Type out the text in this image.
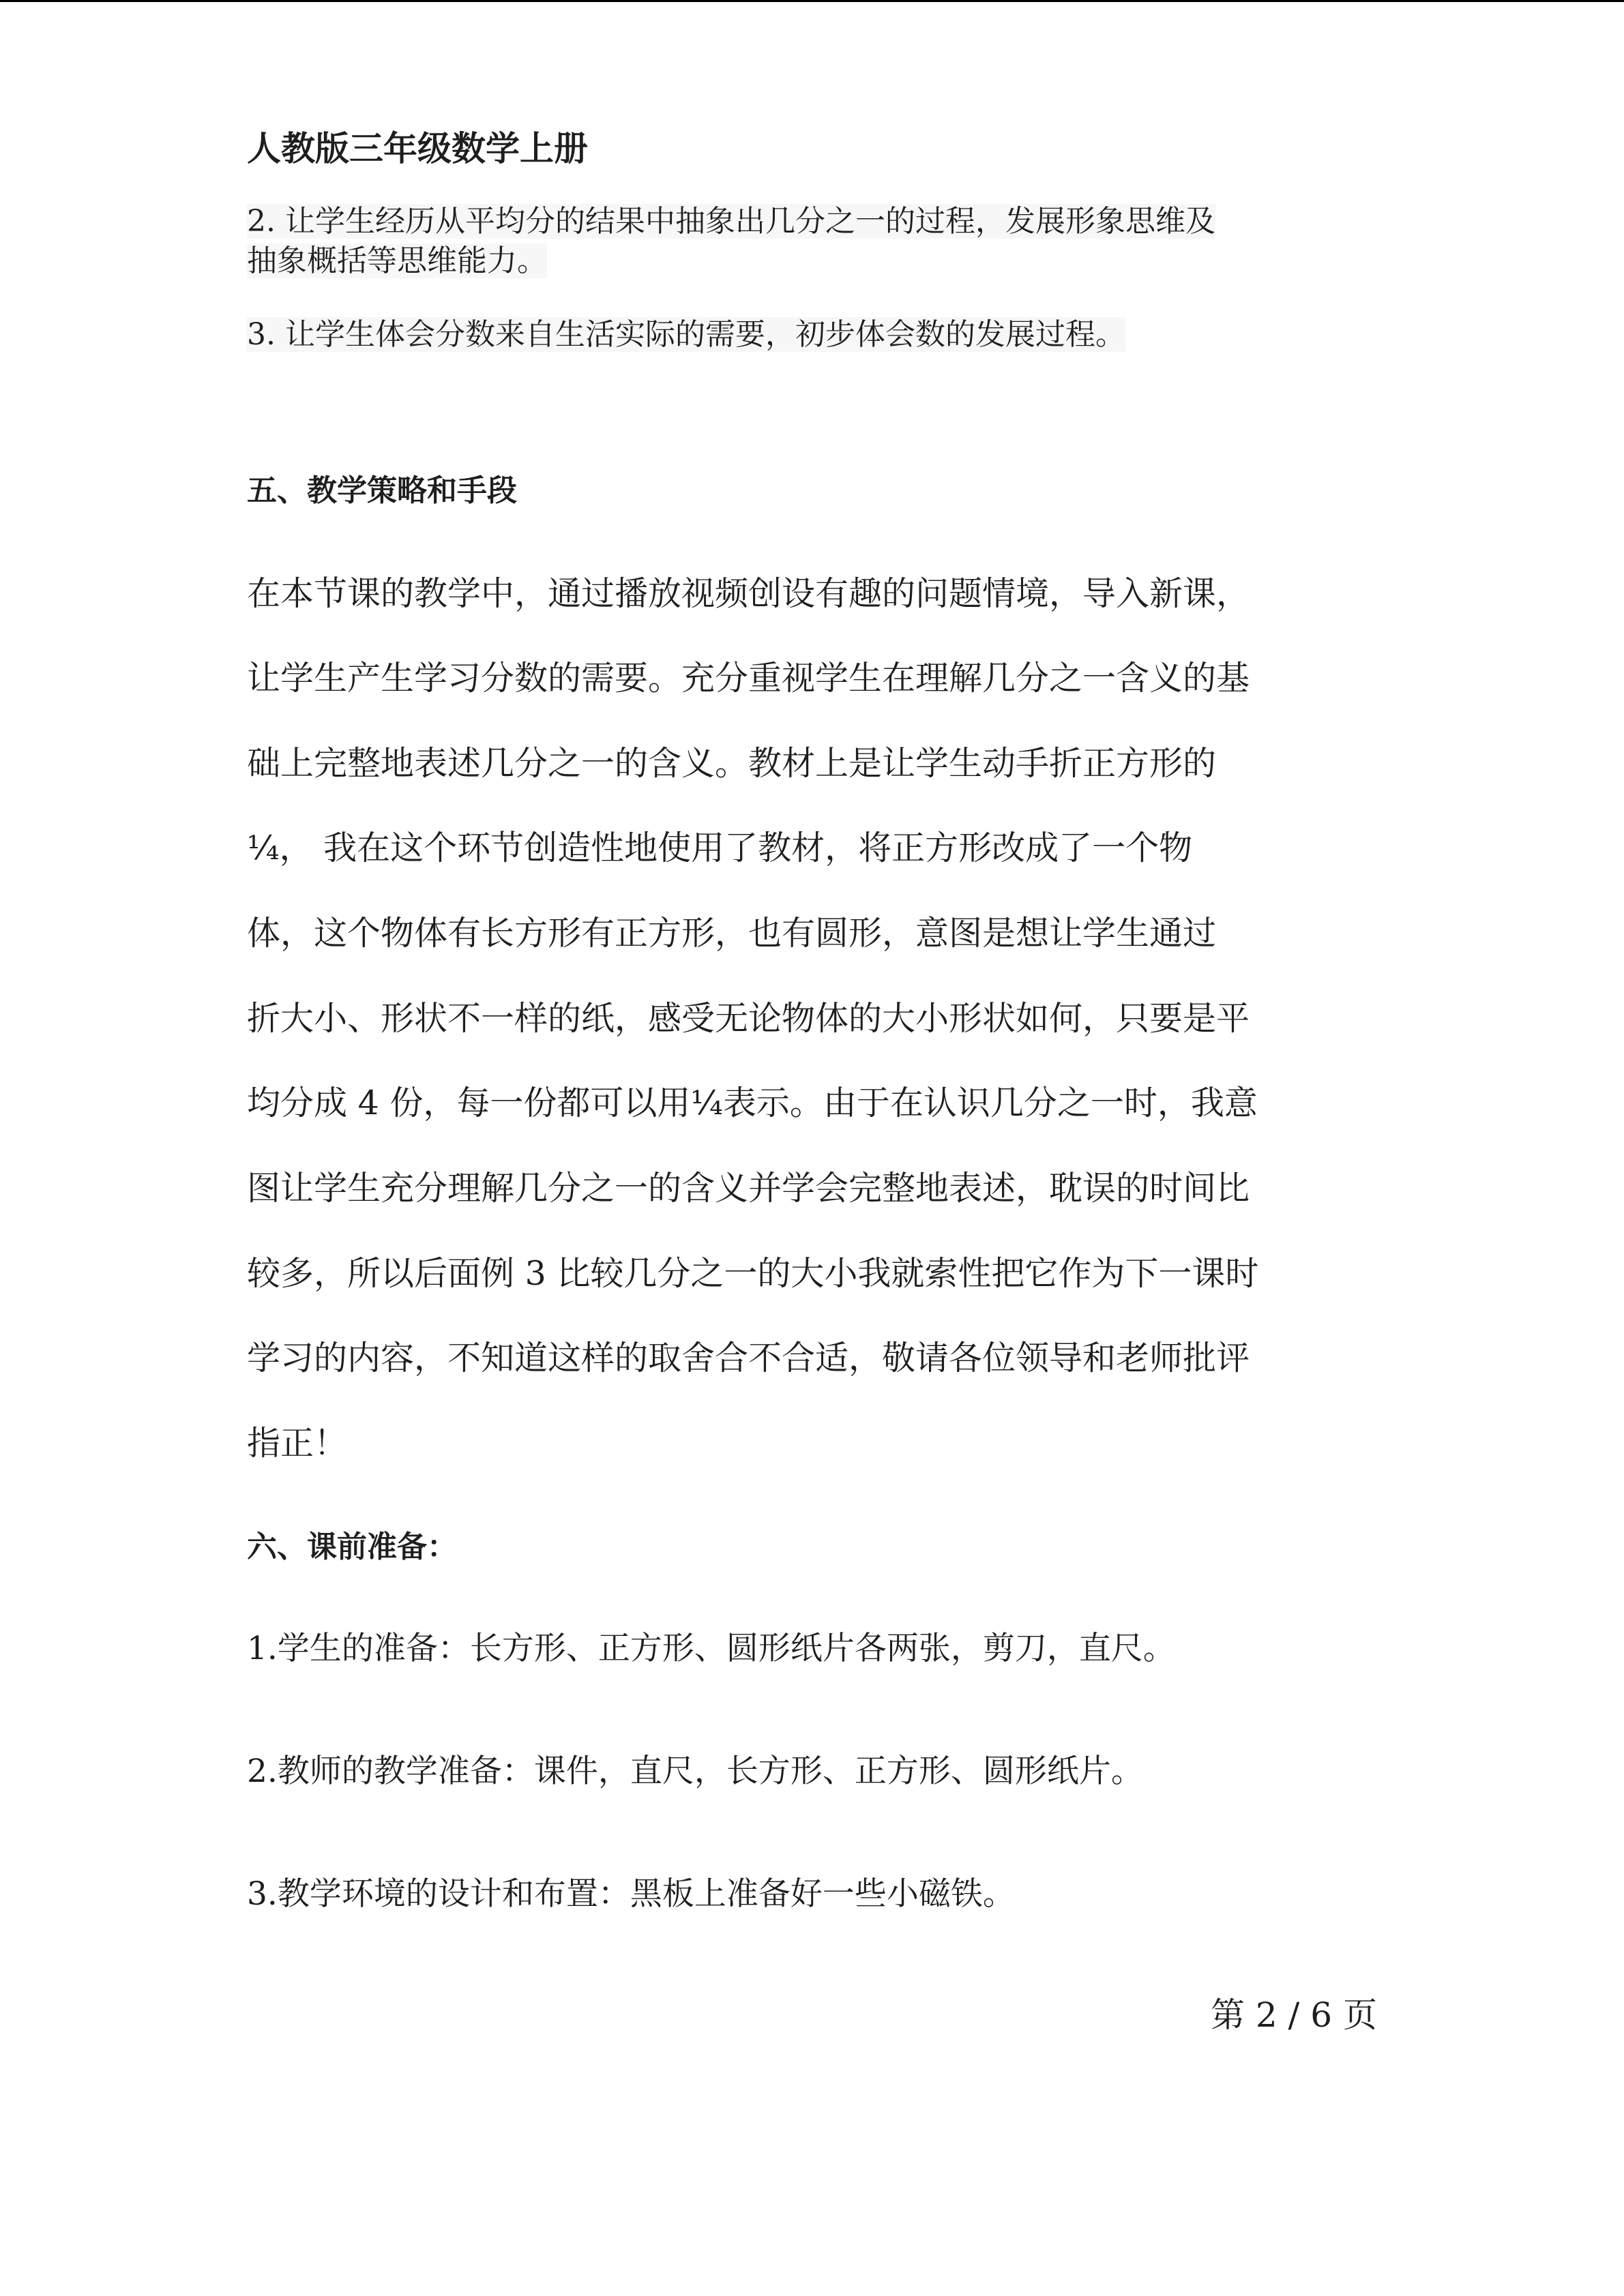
人教版三年级数学上册

2. 让学生经历从平均分的结果中抽象出几分之一的过程，发展形象思维及
抽象概括等思维能力。

3. 让学生体会分数来自生活实际的需要，初步体会数的发展过程。

五、教学策略和手段

在本节课的教学中，通过播放视频创设有趣的问题情境，导入新课，

让学生产生学习分数的需要。充分重视学生在理解几分之一含义的基

础上完整地表述几分之一的含义。教材上是让学生动手折正方形的

¼， 我在这个环节创造性地使用了教材，将正方形改成了一个物

体，这个物体有长方形有正方形，也有圆形，意图是想让学生通过

折大小、形状不一样的纸，感受无论物体的大小形状如何，只要是平

均分成 4 份，每一份都可以用¼表示。由于在认识几分之一时，我意

图让学生充分理解几分之一的含义并学会完整地表述，耽误的时间比

较多，所以后面例 3 比较几分之一的大小我就索性把它作为下一课时

学习的内容，不知道这样的取舍合不合适，敬请各位领导和老师批评

指正！

六、课前准备：

1.学生的准备：长方形、正方形、圆形纸片各两张，剪刀，直尺。

2.教师的教学准备：课件，直尺，长方形、正方形、圆形纸片。

3.教学环境的设计和布置：黑板上准备好一些小磁铁。

第 2 / 6 页
